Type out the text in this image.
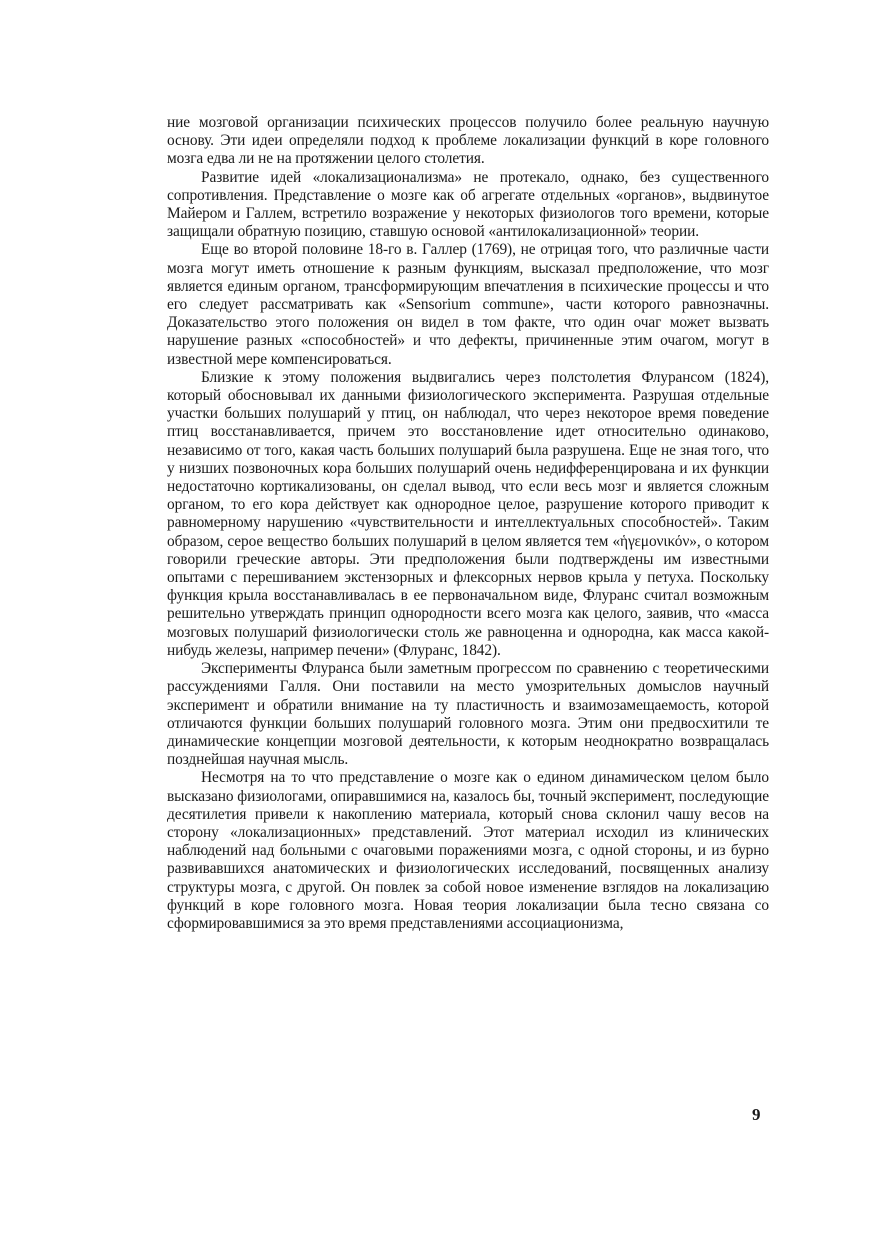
ние мозговой организации психических процессов получило более реальную научную основу. Эти идеи определяли подход к проблеме локализации функций в коре головного мозга едва ли не на протяжении целого столетия.

Развитие идей «локализационализма» не протекало, однако, без существенного сопротивления. Представление о мозге как об агрегате отдельных «органов», выдвинутое Майером и Галлем, встретило возражение у некоторых физиологов того времени, которые защищали обратную позицию, ставшую основой «антилокализационной» теории.

Еще во второй половине 18-го в. Галлер (1769), не отрицая того, что различные части мозга могут иметь отношение к разным функциям, высказал предположение, что мозг является единым органом, трансформирующим впечатления в психические процессы и что его следует рассматривать как «Sensorium commune», части которого равнозначны. Доказательство этого положения он видел в том факте, что один очаг может вызвать нарушение разных «способностей» и что дефекты, причиненные этим очагом, могут в известной мере компенсироваться.

Близкие к этому положения выдвигались через полстолетия Флурансом (1824), который обосновывал их данными физиологического эксперимента. Разрушая отдельные участки больших полушарий у птиц, он наблюдал, что через некоторое время поведение птиц восстанавливается, причем это восстановление идет относительно одинаково, независимо от того, какая часть больших полушарий была разрушена. Еще не зная того, что у низших позвоночных кора больших полушарий очень недифференцирована и их функции недостаточно кортикализованы, он сделал вывод, что если весь мозг и является сложным органом, то его кора действует как однородное целое, разрушение которого приводит к равномерному нарушению «чувствительности и интеллектуальных способностей». Таким образом, серое вещество больших полушарий в целом является тем «ἡγεμονικόν», о котором говорили греческие авторы. Эти предположения были подтверждены им известными опытами с перешиванием экстензорных и флексорных нервов крыла у петуха. Поскольку функция крыла восстанавливалась в ее первоначальном виде, Флуранс считал возможным решительно утверждать принцип однородности всего мозга как целого, заявив, что «масса мозговых полушарий физиологически столь же равноценна и однородна, как масса какой-нибудь железы, например печени» (Флуранс, 1842).

Эксперименты Флуранса были заметным прогрессом по сравнению с теоретическими рассуждениями Галля. Они поставили на место умозрительных домыслов научный эксперимент и обратили внимание на ту пластичность и взаимозамещаемость, которой отличаются функции больших полушарий головного мозга. Этим они предвосхитили те динамические концепции мозговой деятельности, к которым неоднократно возвращалась позднейшая научная мысль.

Несмотря на то что представление о мозге как о едином динамическом целом было высказано физиологами, опиравшимися на, казалось бы, точный эксперимент, последующие десятилетия привели к накоплению материала, который снова склонил чашу весов на сторону «локализационных» представлений. Этот материал исходил из клинических наблюдений над больными с очаговыми поражениями мозга, с одной стороны, и из бурно развивавшихся анатомических и физиологических исследований, посвященных анализу структуры мозга, с другой. Он повлек за собой новое изменение взглядов на локализацию функций в коре головного мозга. Новая теория локализации была тесно связана со сформировавшимися за это время представлениями ассоциационизма,

9
